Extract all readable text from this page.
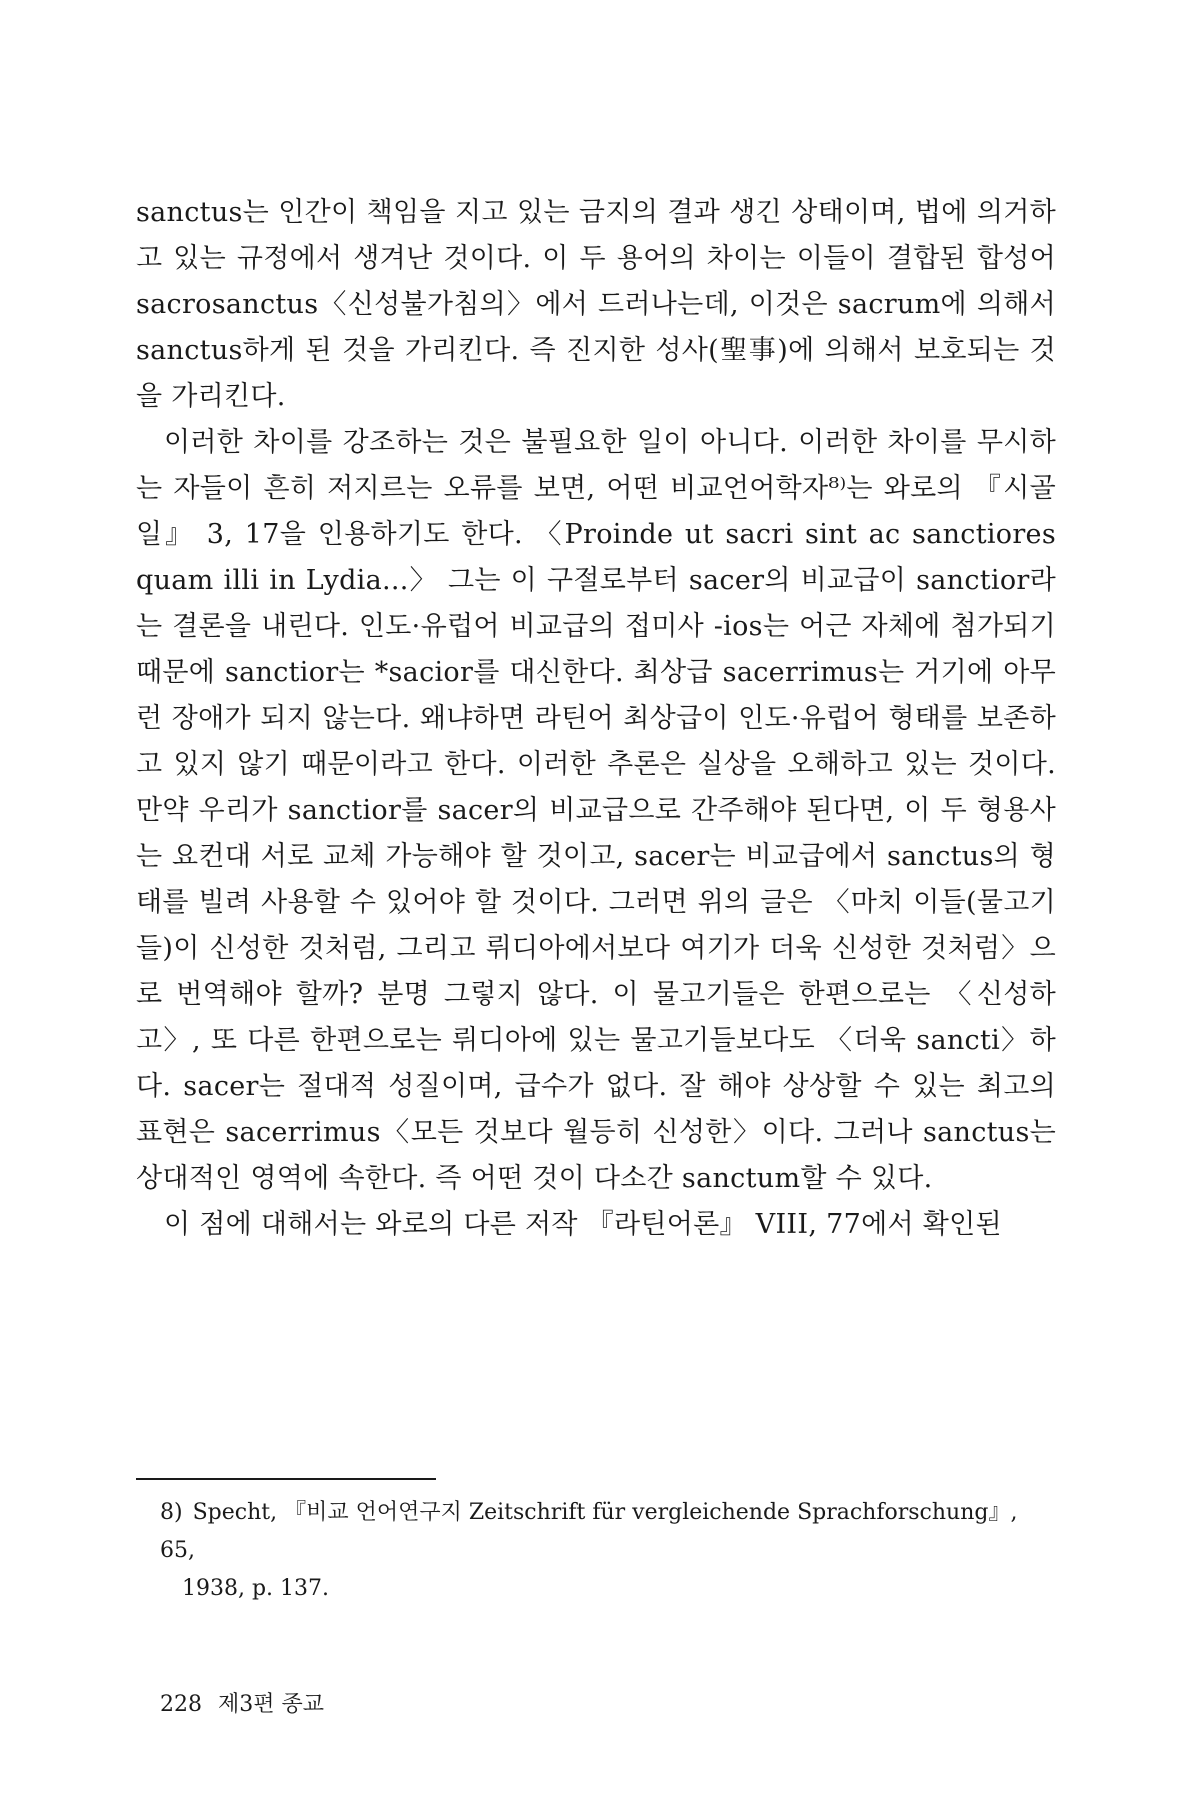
sanctus는 인간이 책임을 지고 있는 금지의 결과 생긴 상태이며, 법에 의거하고 있는 규정에서 생겨난 것이다. 이 두 용어의 차이는 이들이 결합된 합성어 sacrosanctus〈신성불가침의〉에서 드러나는데, 이것은 sacrum에 의해서 sanctus하게 된 것을 가리킨다. 즉 진지한 성사(聖事)에 의해서 보호되는 것을 가리킨다.

이러한 차이를 강조하는 것은 불필요한 일이 아니다. 이러한 차이를 무시하는 자들이 흔히 저지르는 오류를 보면, 어떤 비교언어학자⁸⁾는 와로의 『시골일』 3, 17을 인용하기도 한다. 〈Proinde ut sacri sint ac sanctiores quam illi in Lydia...〉 그는 이 구절로부터 sacer의 비교급이 sanctior라는 결론을 내린다. 인도·유럽어 비교급의 접미사 -ios는 어근 자체에 첨가되기 때문에 sanctior는 *sacior를 대신한다. 최상급 sacerrimus는 거기에 아무런 장애가 되지 않는다. 왜냐하면 라틴어 최상급이 인도·유럽어 형태를 보존하고 있지 않기 때문이라고 한다. 이러한 추론은 실상을 오해하고 있는 것이다. 만약 우리가 sanctior를 sacer의 비교급으로 간주해야 된다면, 이 두 형용사는 요컨대 서로 교체 가능해야 할 것이고, sacer는 비교급에서 sanctus의 형태를 빌려 사용할 수 있어야 할 것이다. 그러면 위의 글은 〈마치 이들(물고기들)이 신성한 것처럼, 그리고 뤼디아에서보다 여기가 더욱 신성한 것처럼〉으로 번역해야 할까? 분명 그렇지 않다. 이 물고기들은 한편으로는 〈신성하고〉, 또 다른 한편으로는 뤼디아에 있는 물고기들보다도 〈더욱 sancti〉하다. sacer는 절대적 성질이며, 급수가 없다. 잘 해야 상상할 수 있는 최고의 표현은 sacerrimus〈모든 것보다 월등히 신성한〉이다. 그러나 sanctus는 상대적인 영역에 속한다. 즉 어떤 것이 다소간 sanctum할 수 있다.

이 점에 대해서는 와로의 다른 저작 『라틴어론』 VIII, 77에서 확인된

8) Specht, 『비교 언어연구지 Zeitschrift für vergleichende Sprachforschung』, 65,
1938, p. 137.
228 제3편 종교
